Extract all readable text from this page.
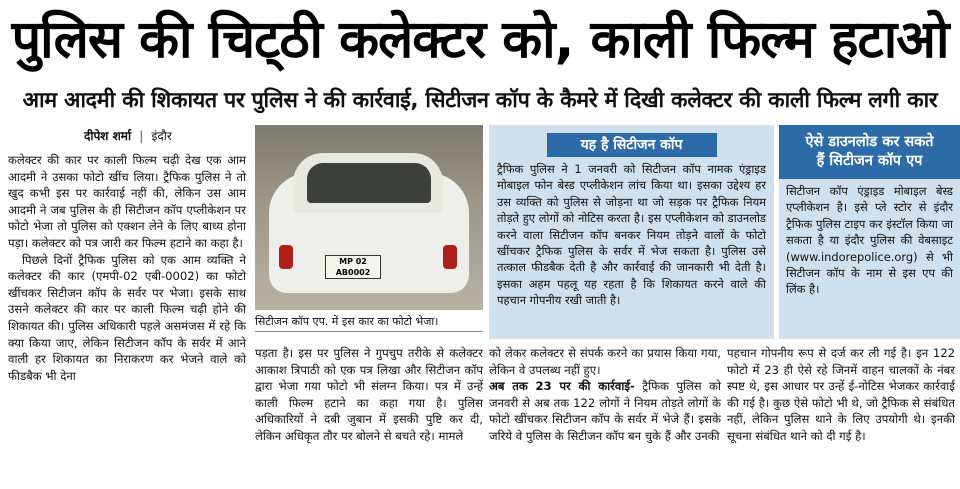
पुलिस की चिट्‌ठी कलेक्टर को, काली फिल्म हटाओ
आम आदमी की शिकायत पर पुलिस ने की कार्रवाई, सिटीजन कॉप के कैमरे में दिखी कलेक्टर की काली फिल्म लगी कार
दीपेश शर्मा | इंदौर

कलेक्टर की कार पर काली फिल्म चढ़ी देख एक आम आदमी ने उसका फोटो खींच लिया। ट्रैफिक पुलिस ने तो खुद कभी इस पर कार्रवाई नहीं की, लेकिन उस आम आदमी ने जब पुलिस के ही सिटीजन कॉप एप्लीकेशन पर फोटो भेजा तो पुलिस को एक्शन लेने के लिए बाध्य होना पड़ा। कलेक्टर को पत्र जारी कर फिल्म हटाने का कहा है।

पिछले दिनों ट्रैफिक पुलिस को एक आम व्यक्ति ने कलेक्टर की कार (एमपी-02 एबी-0002) का फोटो खींचकर सिटीजन कॉप के सर्वर पर भेजा। इसके साथ उसने कलेक्टर की कार पर काली फिल्म चढ़ी होने की शिकायत की। पुलिस अधिकारी पहले असमंजस में रहे कि क्या किया जाए, लेकिन सिटीजन कॉप के सर्वर में आने वाली हर शिकायत का निराकरण कर भेजने वाले को फीडबैक भी देना

MP 02
AB0002
सिटीजन कॉप एप. में इस कार का फोटो भेजा।
यह है सिटीजन कॉप
ट्रैफिक पुलिस ने 1 जनवरी को सिटीजन कॉप नामक एंड्राइड मोबाइल फोन बेस्ड एप्लीकेशन लांच किया था। इसका उद्देश्य हर उस व्यक्ति को पुलिस से जोड़ना था जो सड़क पर ट्रैफिक नियम तोड़ते हुए लोगों को नोटिस करता है। इस एप्लीकेशन को डाउनलोड करने वाला सिटीजन कॉप बनकर नियम तोड़ने वालों के फोटो खींचकर ट्रैफिक पुलिस के सर्वर में भेज सकता है। पुलिस उसे तत्काल फीडबैक देती है और कार्रवाई की जानकारी भी देती है। इसका अहम पहलू यह रहता है कि शिकायत करने वाले की पहचान गोपनीय रखी जाती है।
ऐसे डाउनलोड कर सकते
हैं सिटीजन कॉप एप
सिटीजन कॉप एंड्राइड मोबाइल बेस्ड एप्लीकेशन है। इसे प्ले स्टोर से इंदौर ट्रैफिक पुलिस टाइप कर इंस्टॉल किया जा सकता है या इंदौर पुलिस की वेबसाइट (www.indorepolice.org) से भी सिटीजन कॉप के नाम से इस एप की लिंक है।

पड़ता है। इस पर पुलिस ने गुपचुप तरीके से कलेक्टर आकाश त्रिपाठी को एक पत्र लिखा और सिटीजन कॉप द्वारा भेजा गया फोटो भी संलग्न किया। पत्र में उन्हें काली फिल्म हटाने का कहा गया है। पुलिस अधिकारियों ने दबी जुबान में इसकी पुष्टि कर दी, लेकिन अधिकृत तौर पर बोलने से बचते रहे। मामले

को लेकर कलेक्टर से संपर्क करने का प्रयास किया गया, लेकिन वे उपलब्ध नहीं हुए।

अब तक 23 पर की कार्रवाई- ट्रैफिक पुलिस को जनवरी से अब तक 122 लोगों ने नियम तोड़ते लोगों के फोटो खींचकर सिटीजन कॉप के सर्वर में भेजे हैं। इसके जरिये वे पुलिस के सिटीजन कॉप बन चुके हैं और उनकी

पहचान गोपनीय रूप से दर्ज कर ली गई है। इन 122 फोटो में 23 ही ऐसे रहे जिनमें वाहन चालकों के नंबर स्पष्ट थे, इस आधार पर उन्हें ई-नोटिस भेजकर कार्रवाई की गई है। कुछ ऐसे फोटो भी थे, जो ट्रैफिक से संबंधित नहीं, लेकिन पुलिस थाने के लिए उपयोगी थे। इनकी सूचना संबंधित थाने को दी गई है।
